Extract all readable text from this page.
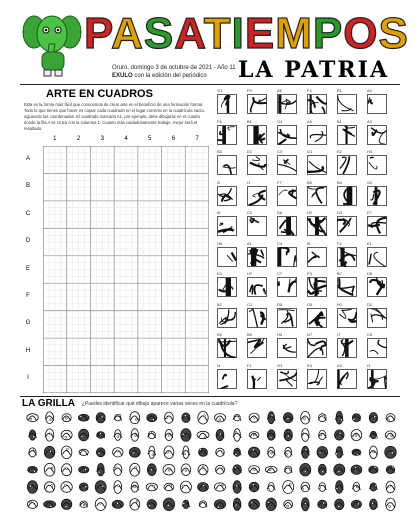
PASATIEMPOS
Oruro, domingo 3 de octubre de 2021 - Año 11
EXULO con la edición del periódico	LA PATRIA
ARTE EN CUADROS
Esta es la forma más fácil que conocemos de crear arte en el beneficio de una formación formal. Todo lo que tienes que hacer es copiar cada cuadrado en el lugar correcto en la cuadrícula vacía, siguiendo las coordenadas. El cuadrado marcado A1, por ejemplo, debe dibujarse en el cuadro donde la fila A se cruza con la columna 1. Cuanto más cuidadosamente trabaje, mejor será el resultado.
1	2	3	4	5	6	7
A
B
C
D
E
F
G
H
I
G1	F5	A6	F4	B1	A2
F6	B1	G4	A5	B1	A3
B3	D1	C3	G1	E2	H3
I2	I1	F7	B5	B4	G2
I6	C2	D6	H2	D3	E7
H5	A1	C4	I5	F2	E1
E4	H7	C7	F3	B7	D5
B2	C1	D5	G5	H1	D2
E6	B6	H4	D7	I7	C6
I4	F1	G3	E3	A3	I3
LA GRILLA ¿Puedes identificar qué dibujo aparece varias veces en la cuadrícula?
